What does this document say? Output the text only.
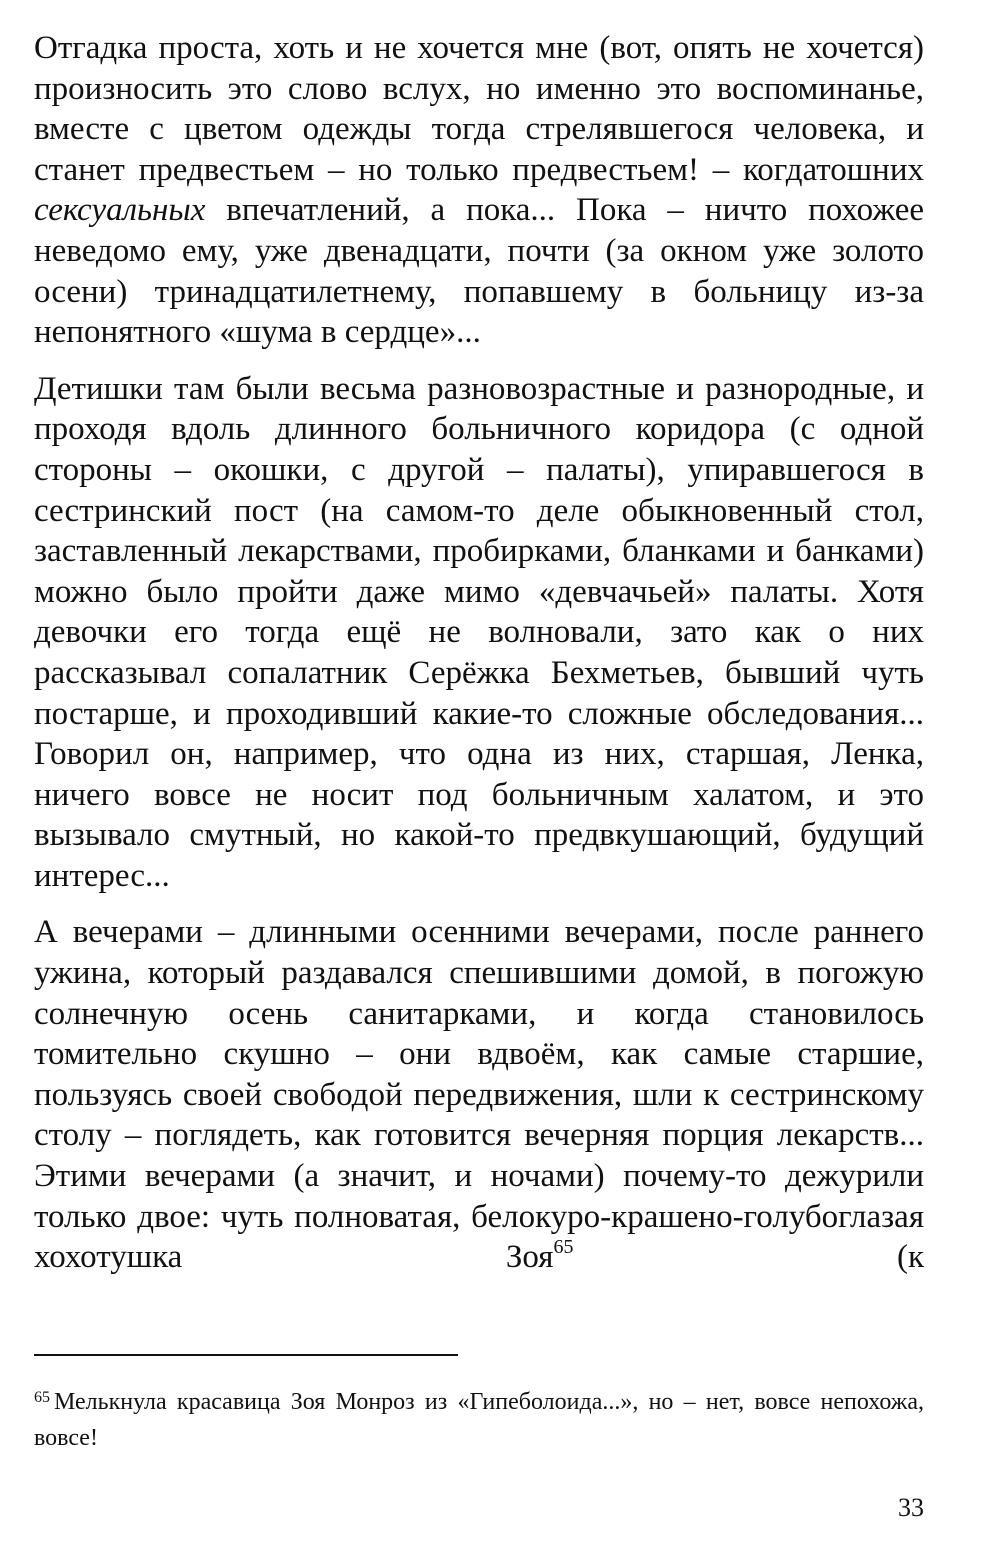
Отгадка проста, хоть и не хочется мне (вот, опять не хочется) произносить это слово вслух, но именно это воспоминанье, вместе с цветом одежды тогда стрелявшегося человека, и станет предвестьем – но только предвестьем! – когдатошних сексуальных впечатлений, а пока... Пока – ничто похожее неведомо ему, уже двенадцати, почти (за окном уже золото осени) тринадцатилетнему, попавшему в больницу из-за непонятного «шума в сердце»...

Детишки там были весьма разновозрастные и разнородные, и проходя вдоль длинного больничного коридора (с одной стороны – окошки, с другой – палаты), упиравшегося в сестринский пост (на самом-то деле обыкновенный стол, заставленный лекарствами, пробирками, бланками и банками) можно было пройти даже мимо «девчачьей» палаты. Хотя девочки его тогда ещё не волновали, зато как о них рассказывал сопалатник Серёжка Бехметьев, бывший чуть постарше, и проходивший какие-то сложные обследования... Говорил он, например, что одна из них, старшая, Ленка, ничего вовсе не носит под больничным халатом, и это вызывало смутный, но какой-то предвкушающий, будущий интерес...

А вечерами – длинными осенними вечерами, после раннего ужина, который раздавался спешившими домой, в погожую солнечную осень санитарками, и когда становилось томительно скушно – они вдвоём, как самые старшие, пользуясь своей свободой передвижения, шли к сестринскому столу – поглядеть, как готовится вечерняя порция лекарств... Этими вечерами (а значит, и ночами) почему-то дежурили только двое: чуть полноватая, белокуро-крашено-голубоглазая хохотушка Зоя$^{65}$ (к

$^{65}$ Мелькнула красавица Зоя Монроз из «Гипеболоида...», но – нет, вовсе непохожа, вовсе!
33
